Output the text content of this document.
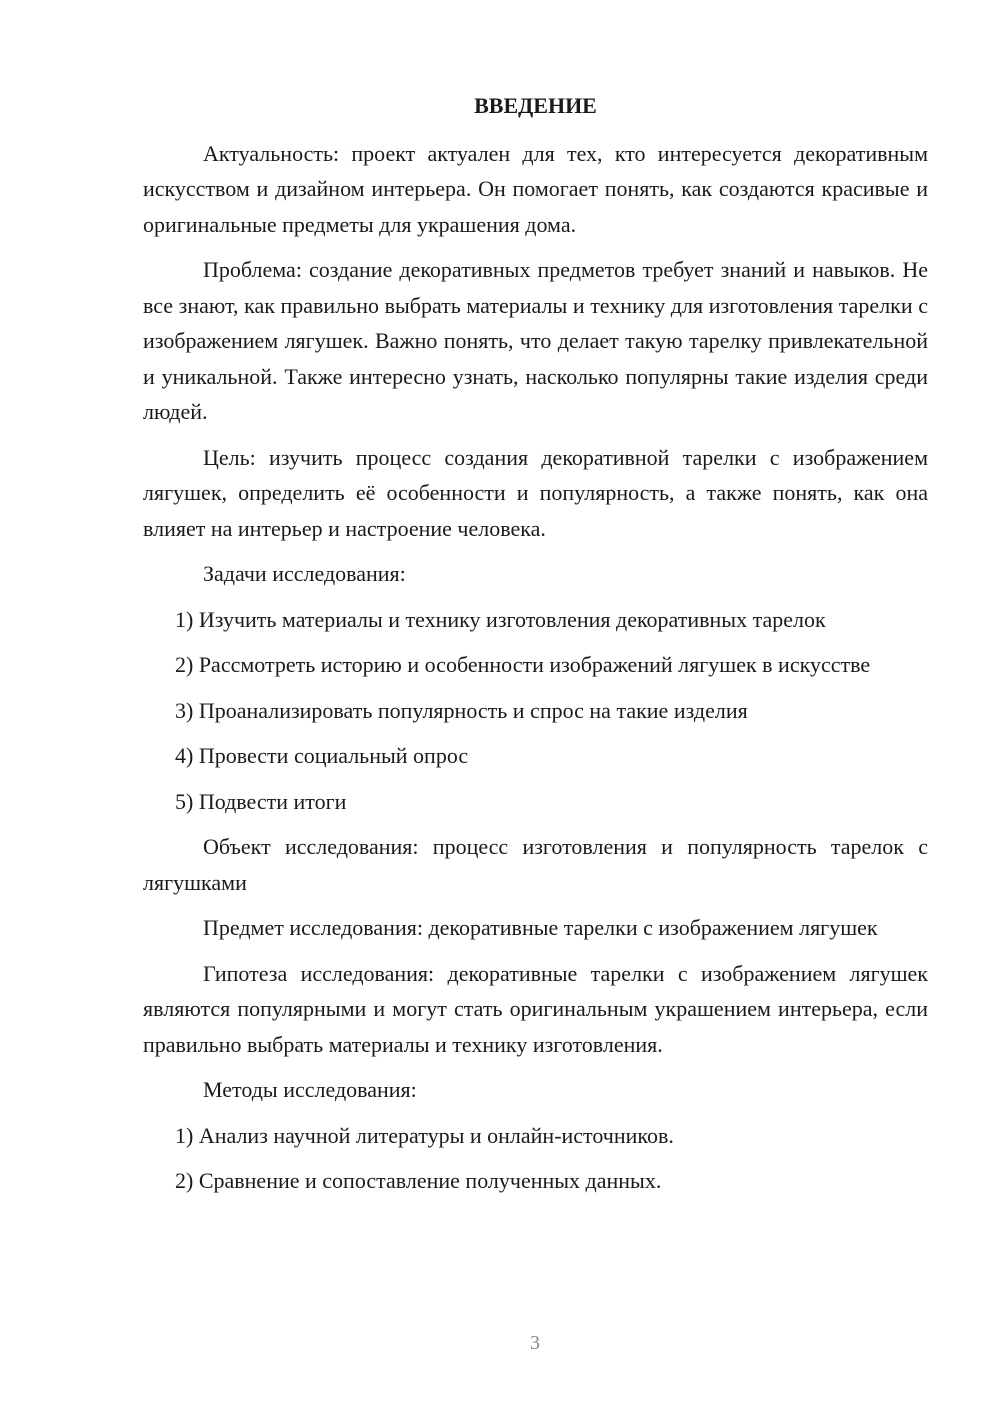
ВВЕДЕНИЕ

Актуальность: проект актуален для тех, кто интересуется декоративным искусством и дизайном интерьера. Он помогает понять, как создаются красивые и оригинальные предметы для украшения дома.

Проблема: создание декоративных предметов требует знаний и навыков. Не все знают, как правильно выбрать материалы и технику для изготовления тарелки с изображением лягушек. Важно понять, что делает такую тарелку привлекательной и уникальной. Также интересно узнать, насколько популярны такие изделия среди людей.

Цель: изучить процесс создания декоративной тарелки с изображением лягушек, определить её особенности и популярность, а также понять, как она влияет на интерьер и настроение человека.

Задачи исследования:

1) Изучить материалы и технику изготовления декоративных тарелок

2) Рассмотреть историю и особенности изображений лягушек в искусстве

3) Проанализировать популярность и спрос на такие изделия

4) Провести социальный опрос

5) Подвести итоги

Объект исследования: процесс изготовления и популярность тарелок с лягушками

Предмет исследования: декоративные тарелки с изображением лягушек

Гипотеза исследования: декоративные тарелки с изображением лягушек являются популярными и могут стать оригинальным украшением интерьера, если правильно выбрать материалы и технику изготовления.

Методы исследования:

1) Анализ научной литературы и онлайн-источников.

2) Сравнение и сопоставление полученных данных.

3
